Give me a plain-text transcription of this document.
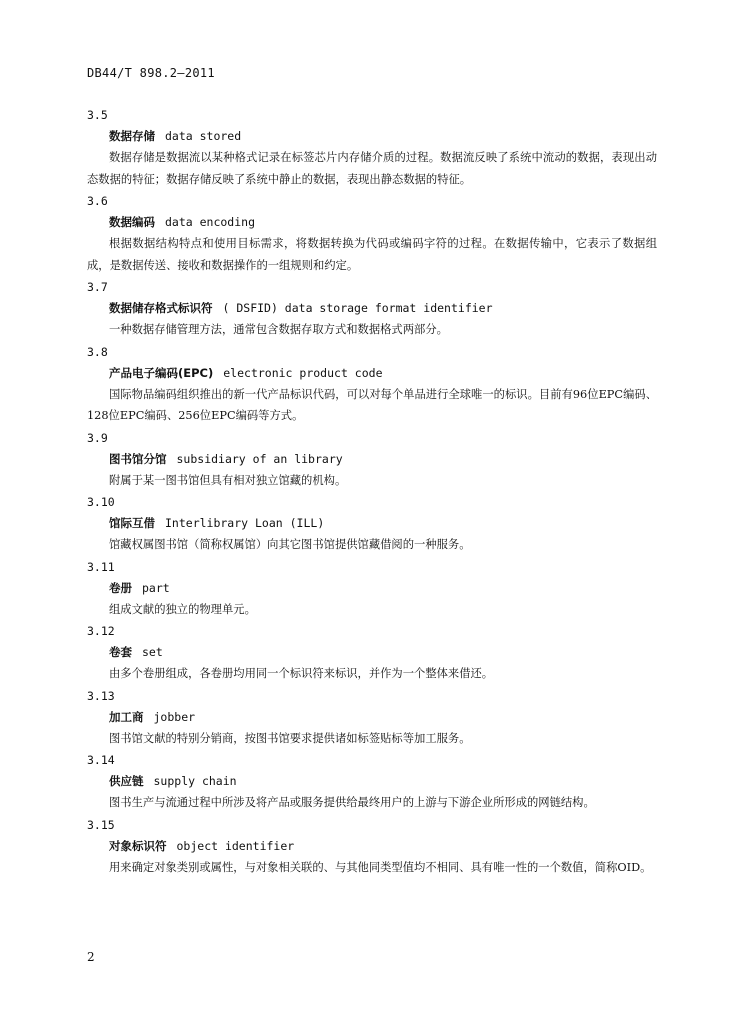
DB44/T 898.2—2011
3.5
数据存储 data stored
数据存储是数据流以某种格式记录在标签芯片内存储介质的过程。数据流反映了系统中流动的数据，表现出动态数据的特征；数据存储反映了系统中静止的数据，表现出静态数据的特征。
3.6
数据编码 data encoding
根据数据结构特点和使用目标需求，将数据转换为代码或编码字符的过程。在数据传输中，它表示了数据组成，是数据传送、接收和数据操作的一组规则和约定。
3.7
数据储存格式标识符 ( DSFID) data storage format identifier
一种数据存储管理方法，通常包含数据存取方式和数据格式两部分。
3.8
产品电子编码(EPC) electronic product code
国际物品编码组织推出的新一代产品标识代码，可以对每个单品进行全球唯一的标识。目前有96位EPC编码、128位EPC编码、256位EPC编码等方式。
3.9
图书馆分馆 subsidiary of an library
附属于某一图书馆但具有相对独立馆藏的机构。
3.10
馆际互借 Interlibrary Loan (ILL)
馆藏权属图书馆（简称权属馆）向其它图书馆提供馆藏借阅的一种服务。
3.11
卷册 part
组成文献的独立的物理单元。
3.12
卷套 set
由多个卷册组成，各卷册均用同一个标识符来标识，并作为一个整体来借还。
3.13
加工商 jobber
图书馆文献的特别分销商，按图书馆要求提供诸如标签贴标等加工服务。
3.14
供应链 supply chain
图书生产与流通过程中所涉及将产品或服务提供给最终用户的上游与下游企业所形成的网链结构。
3.15
对象标识符 object identifier
用来确定对象类别或属性，与对象相关联的、与其他同类型值均不相同、具有唯一性的一个数值，简称OID。
2
